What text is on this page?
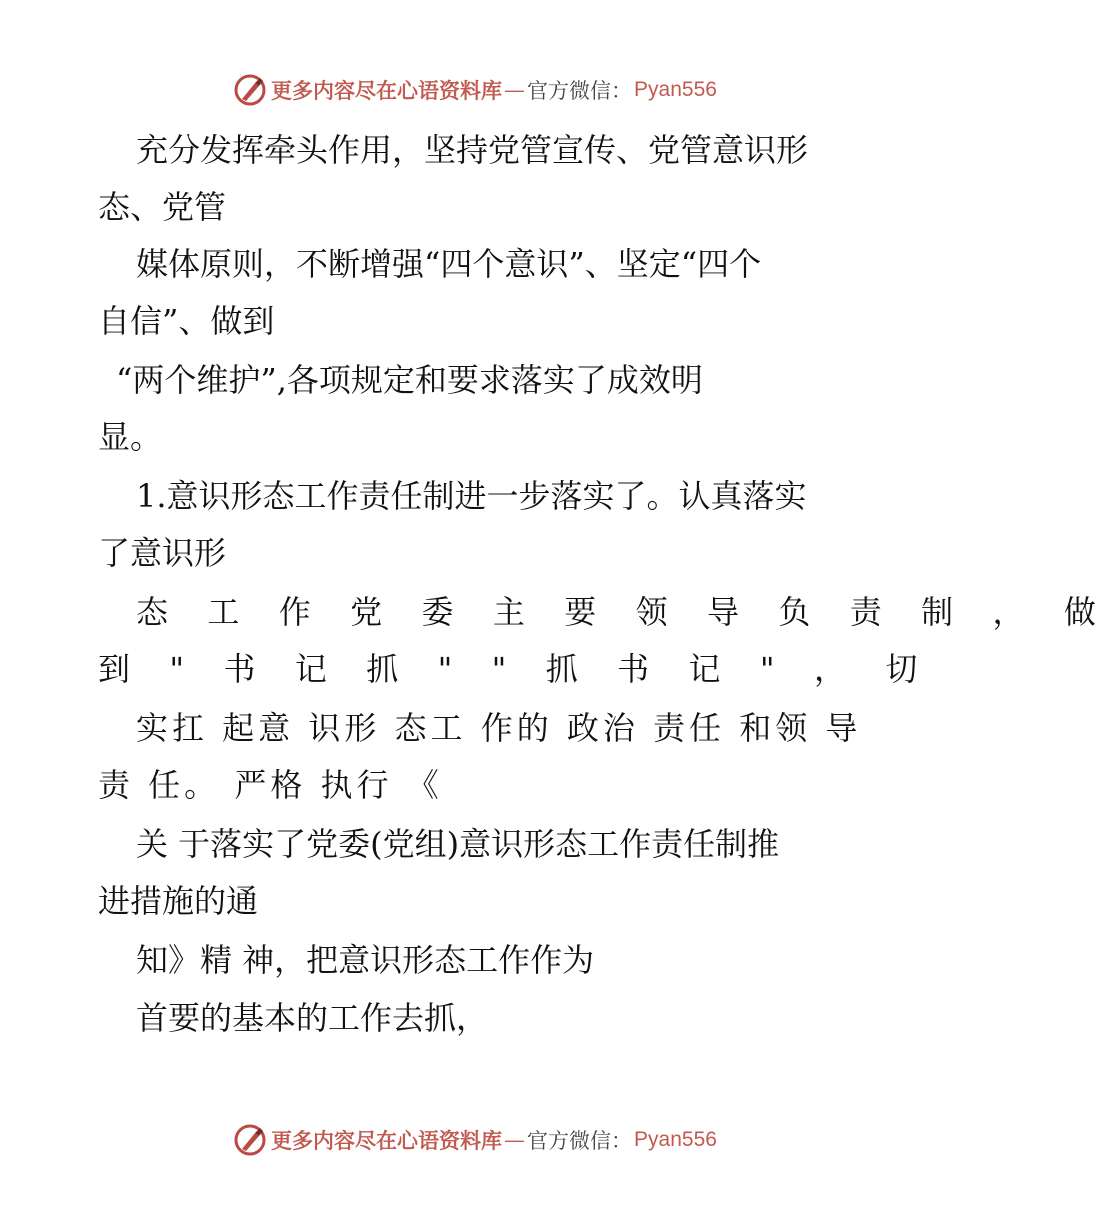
更多内容尽在心语资料库 — 官方微信： Pyan556
充分发挥牵头作用，坚持党管宣传、党管意识形
态、党管
媒体原则，不断增强“四个意识”、坚定“四个
自信”、做到
“两个维护”,各项规定和要求落实了成效明
显。
1.意识形态工作责任制进一步落实了。认真落实
了意识形
态 工 作 党 委 主 要 领 导 负 责 制 ， 做
到 " 书 记 抓 " " 抓 书 记 " ， 切
实扛 起意 识形 态工 作的 政治 责任 和领 导
责 任。 严格 执行 《
关 于落实了党委(党组)意识形态工作责任制推
进措施的通
知》精 神，把意识形态工作作为
首要的基本的工作去抓，
更多内容尽在心语资料库 — 官方微信： Pyan556
